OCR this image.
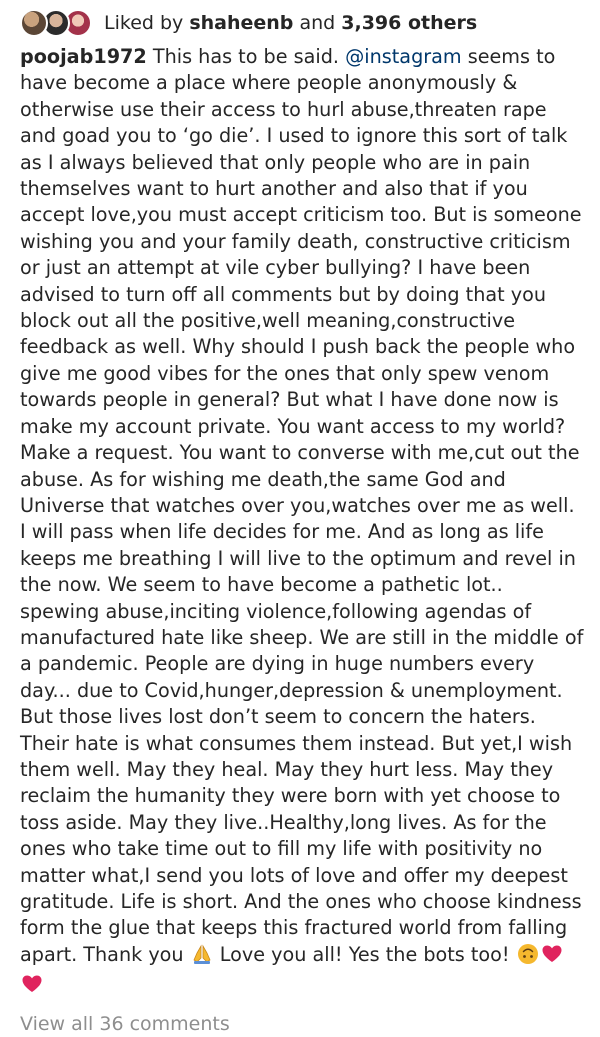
Liked by shaheenb and 3,396 others
poojab1972 This has to be said. @instagram seems to have become a place where people anonymously & otherwise use their access to hurl abuse,threaten rape and goad you to ‘go die’. I used to ignore this sort of talk as I always believed that only people who are in pain themselves want to hurt another and also that if you accept love,you must accept criticism too. But is someone wishing you and your family death, constructive criticism or just an attempt at vile cyber bullying? I have been advised to turn off all comments but by doing that you block out all the positive,well meaning,constructive feedback as well. Why should I push back the people who give me good vibes for the ones that only spew venom towards people in general? But what I have done now is make my account private. You want access to my world? Make a request. You want to converse with me,cut out the abuse. As for wishing me death,the same God and Universe that watches over you,watches over me as well. I will pass when life decides for me. And as long as life keeps me breathing I will live to the optimum and revel in the now. We seem to have become a pathetic lot.. spewing abuse,inciting violence,following agendas of manufactured hate like sheep. We are still in the middle of a pandemic. People are dying in huge numbers every day... due to Covid,hunger,depression & unemployment. But those lives lost don’t seem to concern the haters. Their hate is what consumes them instead. But yet,I wish them well. May they heal. May they hurt less. May they reclaim the humanity they were born with yet choose to toss aside. May they live..Healthy,long lives. As for the ones who take time out to fill my life with positivity no matter what,I send you lots of love and offer my deepest gratitude. Life is short. And the ones who choose kindness form the glue that keeps this fractured world from falling apart. Thank you  Love you all! Yes the bots too!
View all 36 comments
